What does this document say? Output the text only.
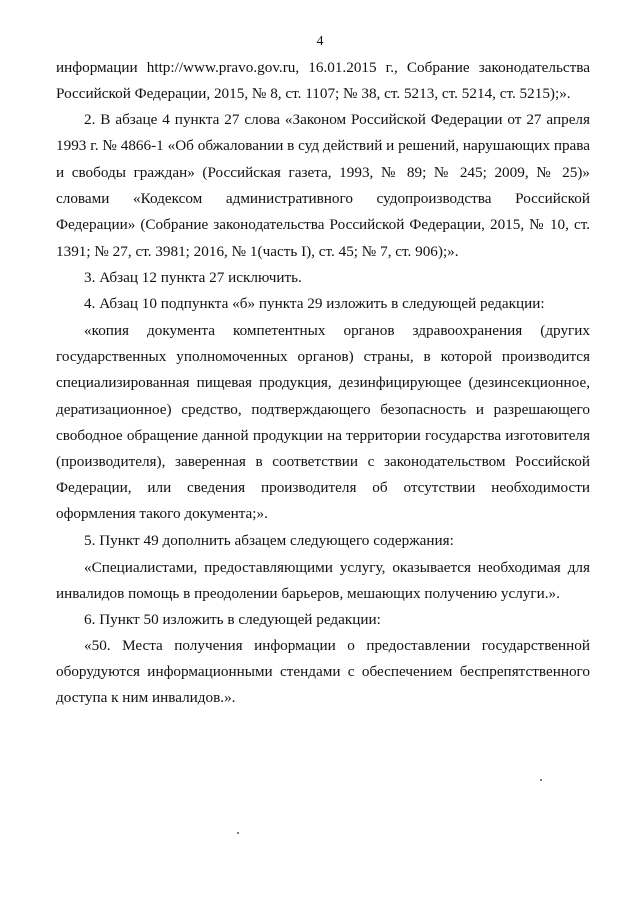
4
информации http://www.pravo.gov.ru, 16.01.2015 г., Собрание законодательства
Российской Федерации, 2015, № 8, ст. 1107; № 38, ст. 5213, ст. 5214, ст. 5215);».
2. В абзаце 4 пункта 27 слова «Законом Российской Федерации от 27 апреля
1993 г. № 4866-1 «Об обжаловании в суд действий и решений, нарушающих права
и свободы граждан» (Российская газета, 1993, № 89; № 245; 2009, № 25)»
словами «Кодексом административного судопроизводства Российской
Федерации» (Собрание законодательства Российской Федерации, 2015, № 10, ст.
1391; № 27, ст. 3981; 2016, № 1(часть I), ст. 45; № 7, ст. 906);».
3. Абзац 12 пункта 27 исключить.
4. Абзац 10 подпункта «б» пункта 29 изложить в следующей редакции:
«копия документа компетентных органов здравоохранения (других
государственных уполномоченных органов) страны, в которой производится
специализированная пищевая продукция, дезинфицирующее (дезинсекционное,
дератизационное) средство, подтверждающего безопасность и разрешающего
свободное обращение данной продукции на территории государства изготовителя
(производителя), заверенная в соответствии с законодательством Российской
Федерации, или сведения производителя об отсутствии необходимости
оформления такого документа;».
5. Пункт 49 дополнить абзацем следующего содержания:
«Специалистами, предоставляющими услугу, оказывается необходимая для
инвалидов помощь в преодолении барьеров, мешающих получению услуги.».
6. Пункт 50 изложить в следующей редакции:
«50. Места получения информации о предоставлении государственной
оборудуются информационными стендами с обеспечением беспрепятственного
доступа к ним инвалидов.».
